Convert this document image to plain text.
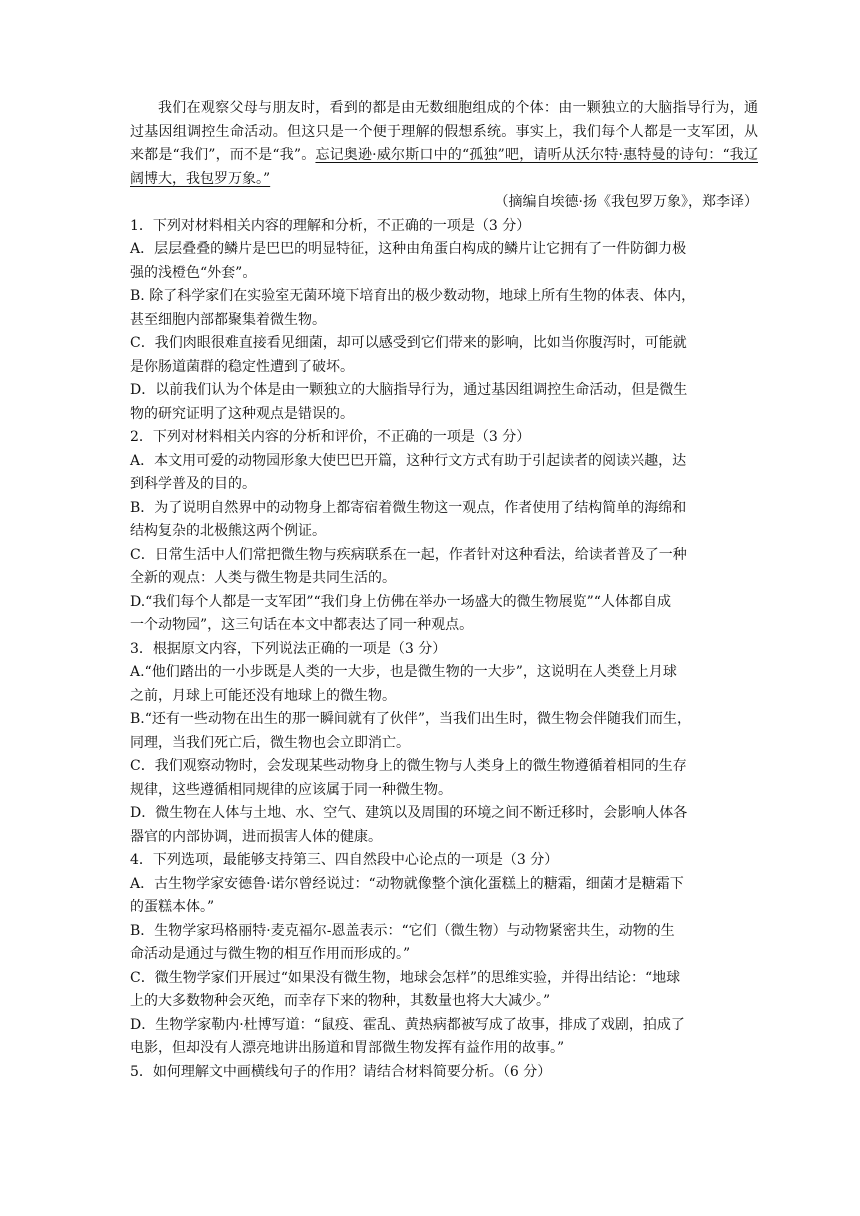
我们在观察父母与朋友时，看到的都是由无数细胞组成的个体：由一颗独立的大脑指导行为，通过基因组调控生命活动。但这只是一个便于理解的假想系统。事实上，我们每个人都是一支军团，从来都是“我们”，而不是“我”。忘记奥逊·威尔斯口中的“孤独”吧，请听从沃尔特·惠特曼的诗句：“我辽阔博大，我包罗万象。”

（摘编自埃德·扬《我包罗万象》，郑李译）

1．下列对材料相关内容的理解和分析，不正确的一项是（3 分）

A．层层叠叠的鳞片是巴巴的明显特征，这种由角蛋白构成的鳞片让它拥有了一件防御力极

强的浅橙色“外套”。

B. 除了科学家们在实验室无菌环境下培育出的极少数动物，地球上所有生物的体表、体内，

甚至细胞内部都聚集着微生物。

C．我们肉眼很难直接看见细菌，却可以感受到它们带来的影响，比如当你腹泻时，可能就

是你肠道菌群的稳定性遭到了破坏。

D．以前我们认为个体是由一颗独立的大脑指导行为，通过基因组调控生命活动，但是微生

物的研究证明了这种观点是错误的。

2．下列对材料相关内容的分析和评价，不正确的一项是（3 分）

A．本文用可爱的动物园形象大使巴巴开篇，这种行文方式有助于引起读者的阅读兴趣，达

到科学普及的目的。

B．为了说明自然界中的动物身上都寄宿着微生物这一观点，作者使用了结构简单的海绵和

结构复杂的北极熊这两个例证。

C．日常生活中人们常把微生物与疾病联系在一起，作者针对这种看法，给读者普及了一种

全新的观点：人类与微生物是共同生活的。

D.“我们每个人都是一支军团”“我们身上仿佛在举办一场盛大的微生物展览”“人体都自成

一个动物园”，这三句话在本文中都表达了同一种观点。

3．根据原文内容，下列说法正确的一项是（3 分）

A.“他们踏出的一小步既是人类的一大步，也是微生物的一大步”，这说明在人类登上月球

之前，月球上可能还没有地球上的微生物。

B.“还有一些动物在出生的那一瞬间就有了伙伴”，当我们出生时，微生物会伴随我们而生，

同理，当我们死亡后，微生物也会立即消亡。

C．我们观察动物时，会发现某些动物身上的微生物与人类身上的微生物遵循着相同的生存

规律，这些遵循相同规律的应该属于同一种微生物。

D．微生物在人体与土地、水、空气、建筑以及周围的环境之间不断迁移时，会影响人体各

器官的内部协调，进而损害人体的健康。

4．下列选项，最能够支持第三、四自然段中心论点的一项是（3 分）

A．古生物学家安德鲁·诺尔曾经说过：“动物就像整个演化蛋糕上的糖霜，细菌才是糖霜下

的蛋糕本体。”

B．生物学家玛格丽特·麦克福尔-恩盖表示：“它们（微生物）与动物紧密共生，动物的生

命活动是通过与微生物的相互作用而形成的。”

C．微生物学家们开展过“如果没有微生物，地球会怎样”的思维实验，并得出结论：“地球

上的大多数物种会灭绝，而幸存下来的物种，其数量也将大大减少。”

D．生物学家勒内·杜博写道：“鼠疫、霍乱、黄热病都被写成了故事，排成了戏剧，拍成了

电影，但却没有人漂亮地讲出肠道和胃部微生物发挥有益作用的故事。”

5．如何理解文中画横线句子的作用？请结合材料简要分析。（6 分）
